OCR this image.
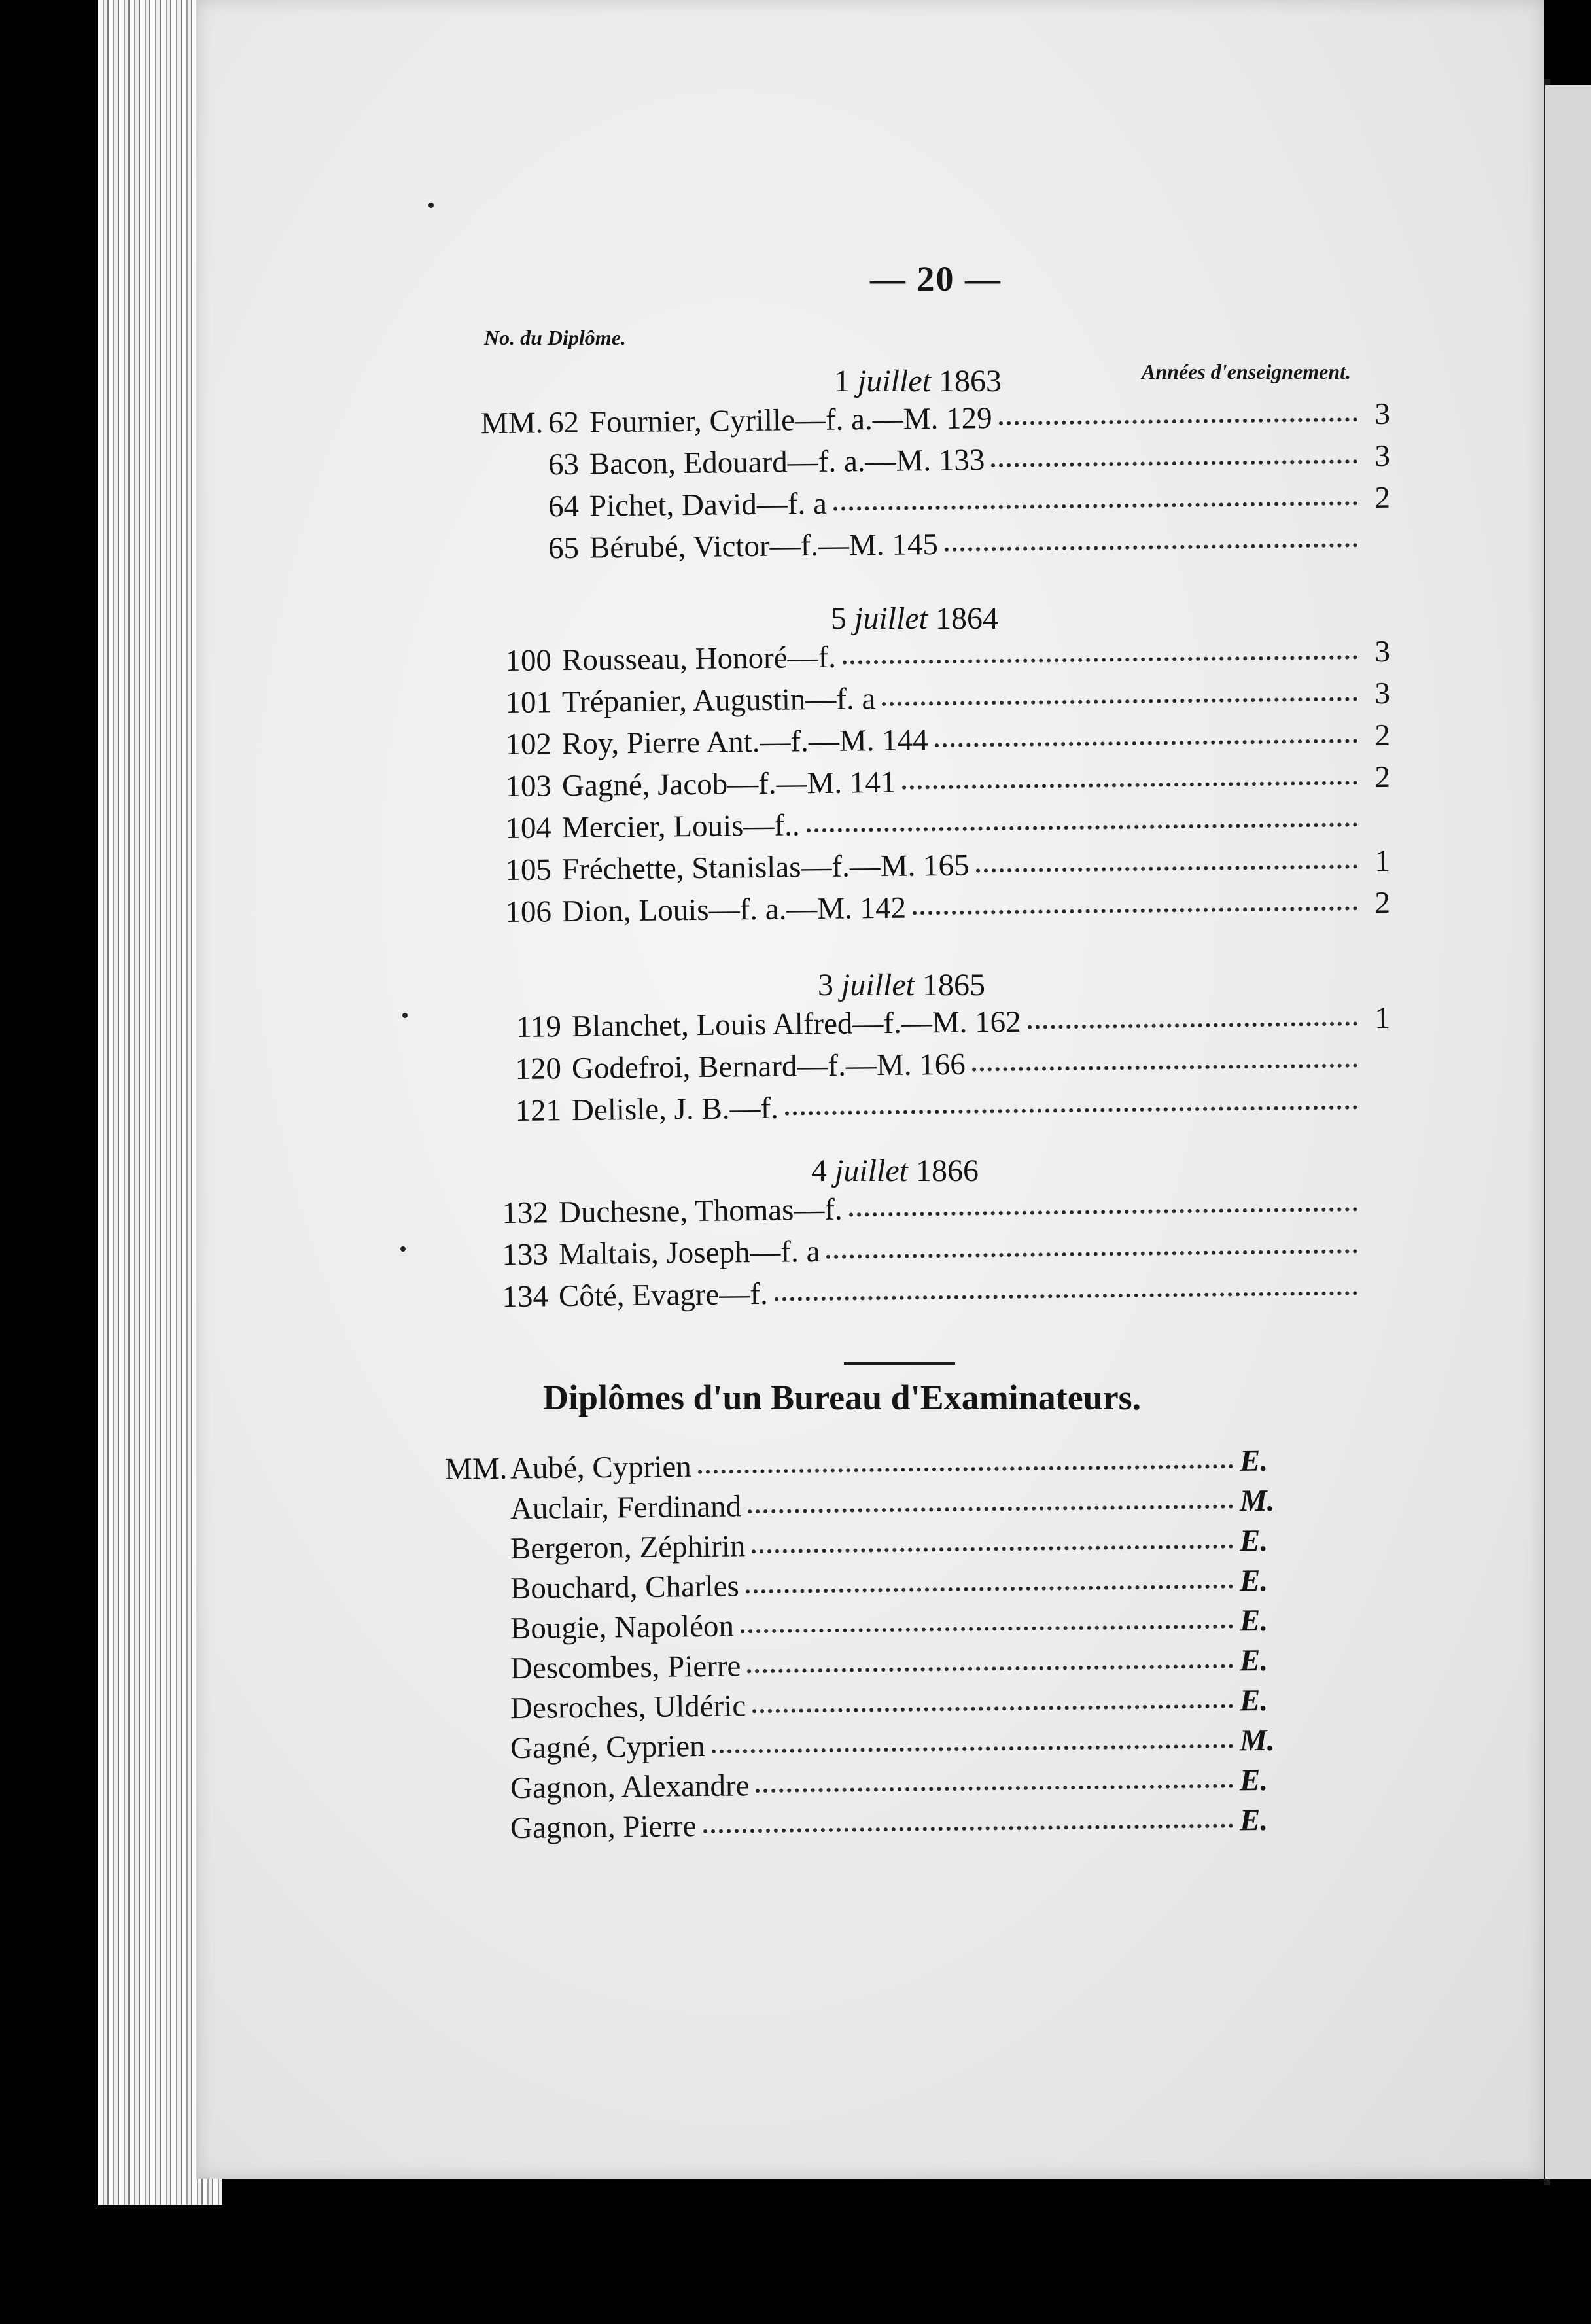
— 20 —
No. du Diplôme.
Années d'enseignement.
1 juillet 1863
MM. 62 Fournier, Cyrille—f. a.—M. 129	3
63 Bacon, Edouard—f. a.—M. 133	3
64 Pichet, David—f. a	2
65 Bérubé, Victor—f.—M. 145
5 juillet 1864
100 Rousseau, Honoré—f.	3
101 Trépanier, Augustin—f. a	3
102 Roy, Pierre Ant.—f.—M. 144	2
103 Gagné, Jacob—f.—M. 141	2
104 Mercier, Louis—f..
105 Fréchette, Stanislas—f.—M. 165	1
106 Dion, Louis—f. a.—M. 142	2
3 juillet 1865
119 Blanchet, Louis Alfred—f.—M. 162	1
120 Godefroi, Bernard—f.—M. 166
121 Delisle, J. B.—f.
4 juillet 1866
132 Duchesne, Thomas—f.
133 Maltais, Joseph—f. a
134 Côté, Evagre—f.
Diplômes d'un Bureau d'Examinateurs.
MM. Aubé, Cyprien	E.
Auclair, Ferdinand	M.
Bergeron, Zéphirin	E.
Bouchard, Charles	E.
Bougie, Napoléon	E.
Descombes, Pierre	E.
Desroches, Uldéric	E.
Gagné, Cyprien	M.
Gagnon, Alexandre	E.
Gagnon, Pierre	E.
